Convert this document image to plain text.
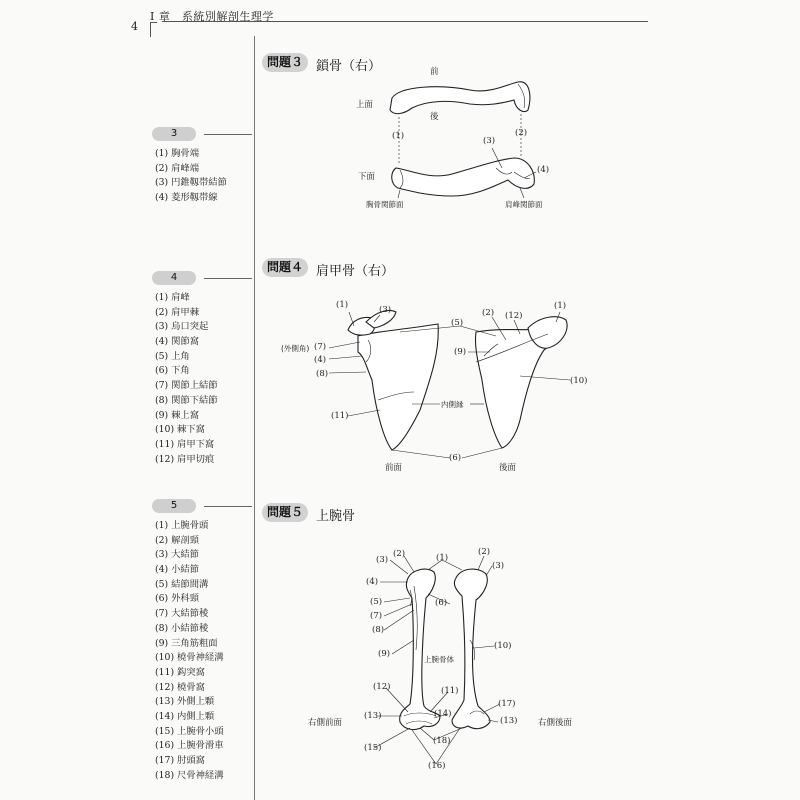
I 章　系統別解剖生理学
4
3
(1) 胸骨端
(2) 肩峰端
(3) 円錐靱帯結節
(4) 菱形靱帯線
4
(1) 肩峰
(2) 肩甲棘
(3) 烏口突起
(4) 関節窩
(5) 上角
(6) 下角
(7) 関節上結節
(8) 関節下結節
(9) 棘上窩
(10) 棘下窩
(11) 肩甲下窩
(12) 肩甲切痕
5
(1) 上腕骨頭
(2) 解剖頸
(3) 大結節
(4) 小結節
(5) 結節間溝
(6) 外科頸
(7) 大結節稜
(8) 小結節稜
(9) 三角筋粗面
(10) 橈骨神経溝
(11) 鈎突窩
(12) 橈骨窩
(13) 外側上顆
(14) 内側上顆
(15) 上腕骨小頭
(16) 上腕骨滑車
(17) 肘頭窩
(18) 尺骨神経溝
問題３	鎖骨（右）
問題４	肩甲骨（右）
問題５	上腕骨
前
後
上面
下面
(1)	(2)
(3)
(4)
胸骨関節面	肩峰関節面
(1)	(3)
(5)
(2) (12)
(1)
(外側角) (7)
(4)
(8)
(9)
(10)
(11)
内側縁
(6)
前面	後面
(3)
(2)	(1)
(2)
(3)
(4)
(5)
(7)
(8)
(6)
(9)
(10)
上腕骨体
(12)	(11)
(17)
(13)	(14)
(13)
(15)
(18)
(16)
右側前面	右側後面
